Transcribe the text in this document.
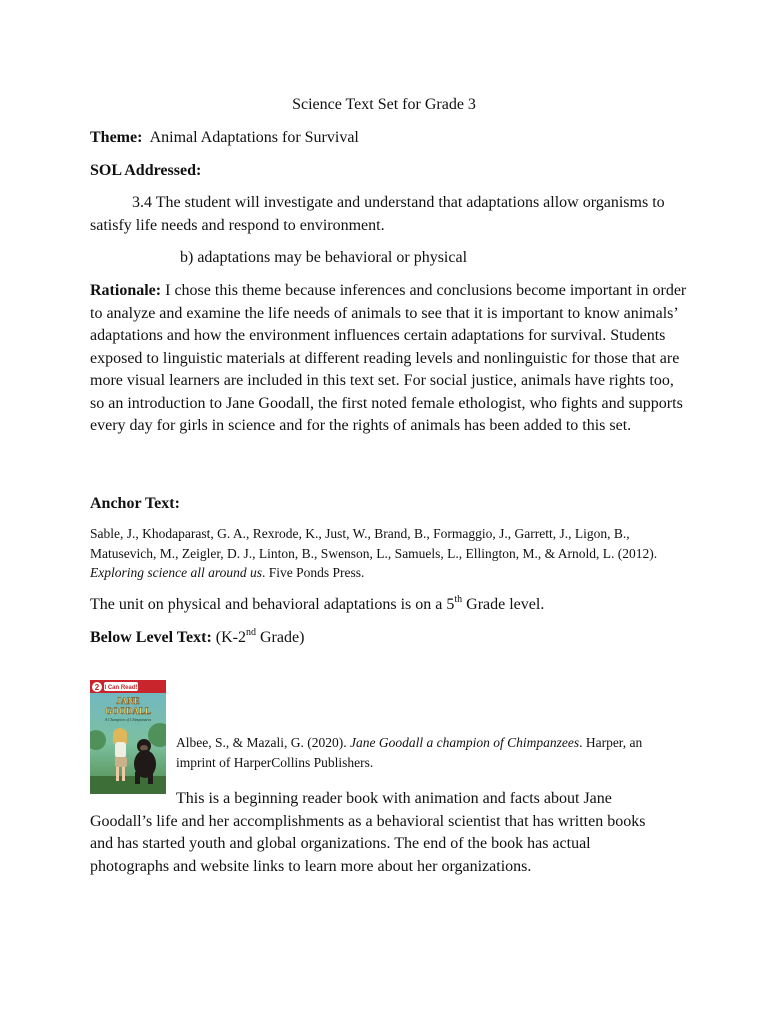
Science Text Set for Grade 3
Theme: Animal Adaptations for Survival
SOL Addressed:
3.4 The student will investigate and understand that adaptations allow organisms to satisfy life needs and respond to environment.
b) adaptations may be behavioral or physical
Rationale: I chose this theme because inferences and conclusions become important in order to analyze and examine the life needs of animals to see that it is important to know animals’ adaptations and how the environment influences certain adaptations for survival. Students exposed to linguistic materials at different reading levels and nonlinguistic for those that are more visual learners are included in this text set. For social justice, animals have rights too, so an introduction to Jane Goodall, the first noted female ethologist, who fights and supports every day for girls in science and for the rights of animals has been added to this set.
Anchor Text:
Sable, J., Khodaparast, G. A., Rexrode, K., Just, W., Brand, B., Formaggio, J., Garrett, J., Ligon, B., Matusevich, M., Zeigler, D. J., Linton, B., Swenson, L., Samuels, L., Ellington, M., & Arnold, L. (2012). Exploring science all around us. Five Ponds Press.
The unit on physical and behavioral adaptations is on a 5th Grade level.
Below Level Text: (K-2nd Grade)
2 I Can Read!
JANE
GOODALL
A Champion of Chimpanzees
Albee, S., & Mazali, G. (2020). Jane Goodall a champion of Chimpanzees. Harper, an imprint of HarperCollins Publishers.
This is a beginning reader book with animation and facts about Jane Goodall’s life and her accomplishments as a behavioral scientist that has written books and has started youth and global organizations. The end of the book has actual photographs and website links to learn more about her organizations.
